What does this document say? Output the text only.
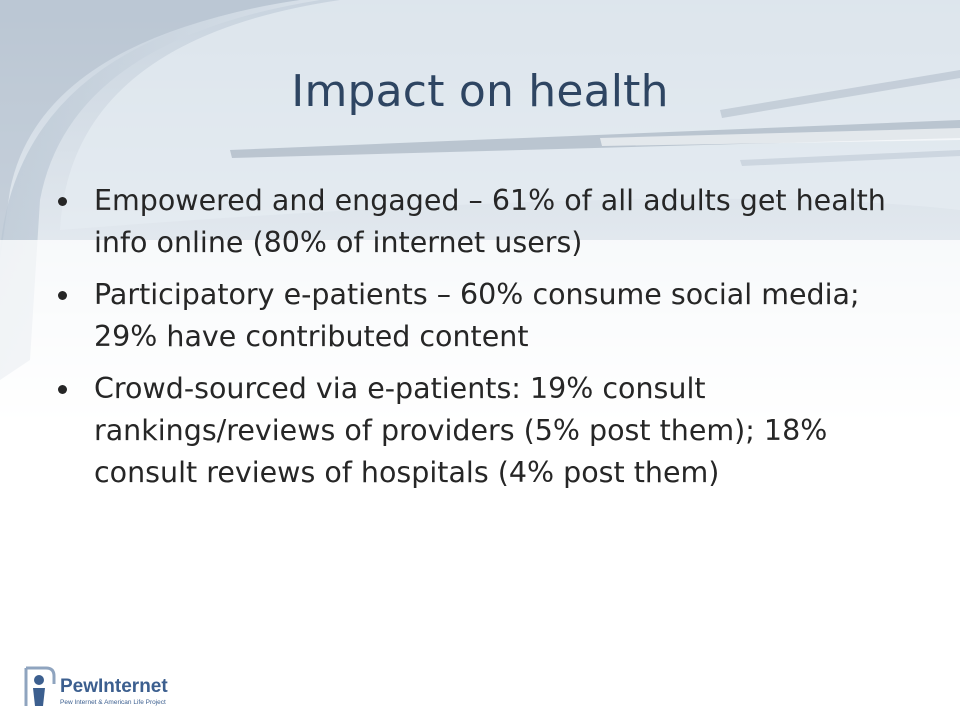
Impact on health
Empowered and engaged – 61% of all adults get health info online (80% of internet users)
Participatory e-patients – 60% consume social media; 29% have contributed content
Crowd-sourced via e-patients: 19% consult rankings/reviews of providers (5% post them); 18% consult reviews of hospitals (4% post them)
PewInternet
Pew Internet & American Life Project
